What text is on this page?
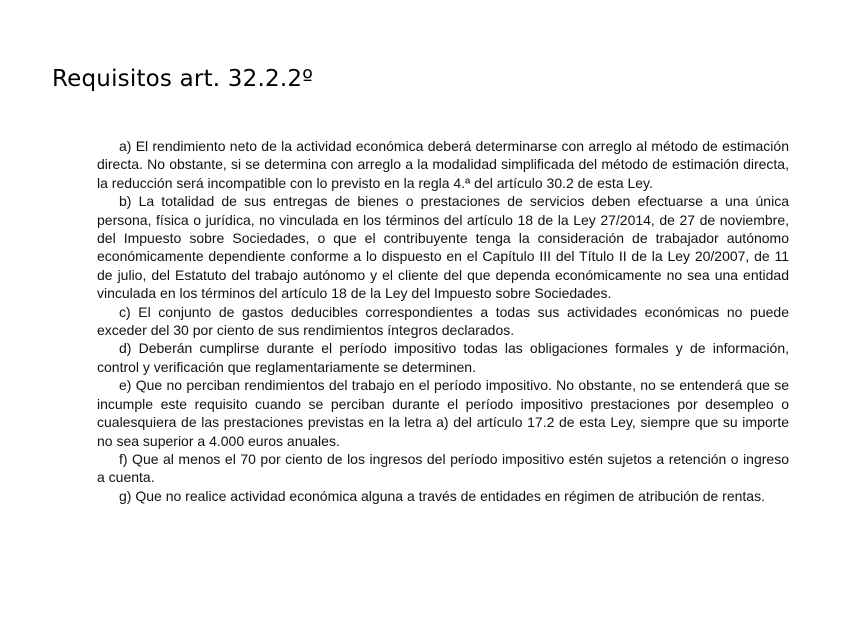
Requisitos art. 32.2.2º

a) El rendimiento neto de la actividad económica deberá determinarse con arreglo al método de estimación directa. No obstante, si se determina con arreglo a la modalidad simplificada del método de estimación directa, la reducción será incompatible con lo previsto en la regla 4.ª del artículo 30.2 de esta Ley.

b) La totalidad de sus entregas de bienes o prestaciones de servicios deben efectuarse a una única persona, física o jurídica, no vinculada en los términos del artículo 18 de la Ley 27/2014, de 27 de noviembre, del Impuesto sobre Sociedades, o que el contribuyente tenga la consideración de trabajador autónomo económicamente dependiente conforme a lo dispuesto en el Capítulo III del Título II de la Ley 20/2007, de 11 de julio, del Estatuto del trabajo autónomo y el cliente del que dependa económicamente no sea una entidad vinculada en los términos del artículo 18 de la Ley del Impuesto sobre Sociedades.

c) El conjunto de gastos deducibles correspondientes a todas sus actividades económicas no puede exceder del 30 por ciento de sus rendimientos íntegros declarados.

d) Deberán cumplirse durante el período impositivo todas las obligaciones formales y de información, control y verificación que reglamentariamente se determinen.

e) Que no perciban rendimientos del trabajo en el período impositivo. No obstante, no se entenderá que se incumple este requisito cuando se perciban durante el período impositivo prestaciones por desempleo o cualesquiera de las prestaciones previstas en la letra a) del artículo 17.2 de esta Ley, siempre que su importe no sea superior a 4.000 euros anuales.

f) Que al menos el 70 por ciento de los ingresos del período impositivo estén sujetos a retención o ingreso a cuenta.

g) Que no realice actividad económica alguna a través de entidades en régimen de atribución de rentas.
